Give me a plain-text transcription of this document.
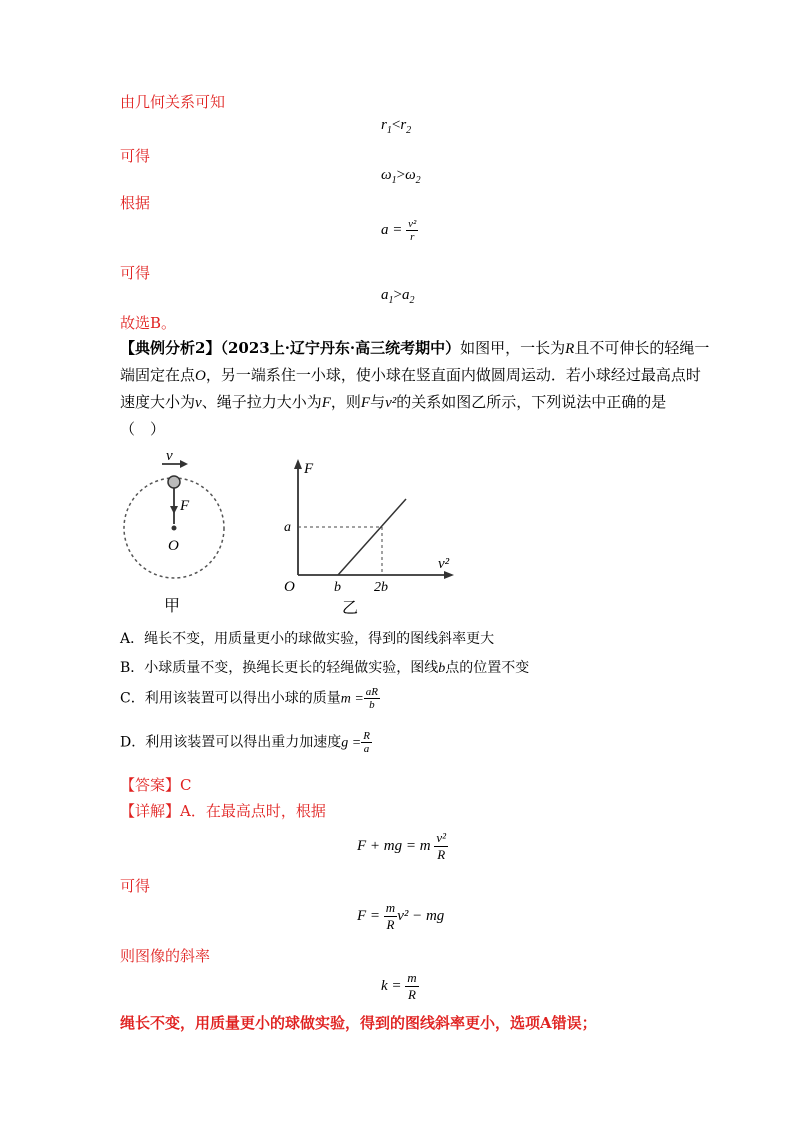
由几何关系可知
$r_1<r_2$
可得
$\omega_1>\omega_2$
根据
$a = \frac{\text{v²}}{r}$
可得
$a_1>a_2$
故选B。
【典例分析2】（2023上·辽宁丹东·高三统考期中）如图甲，一长为R且不可伸长的轻绳一
端固定在点O，另一端系住一小球，使小球在竖直面内做圆周运动．若小球经过最高点时
速度大小为v、绳子拉力大小为F，则F与v²的关系如图乙所示，下列说法中正确的是
（　）
v
F
O
甲
F
v²
O
a
b 2b
乙
A．绳长不变，用质量更小的球做实验，得到的图线斜率更大
B．小球质量不变，换绳长更长的轻绳做实验，图线b点的位置不变
C．利用该装置可以得出小球的质量$m = \frac{aR}{b}$
D．利用该装置可以得出重力加速度$g = \frac{R}{a}$
【答案】C
【详解】A．在最高点时，根据
F + mg = m $\frac{\text{v²}}{R}$
可得
$F = \frac{m}{R} v^2$ − mg
则图像的斜率
$k = \frac{m}{R}$
绳长不变，用质量更小的球做实验，得到的图线斜率更小，选项A错误；
